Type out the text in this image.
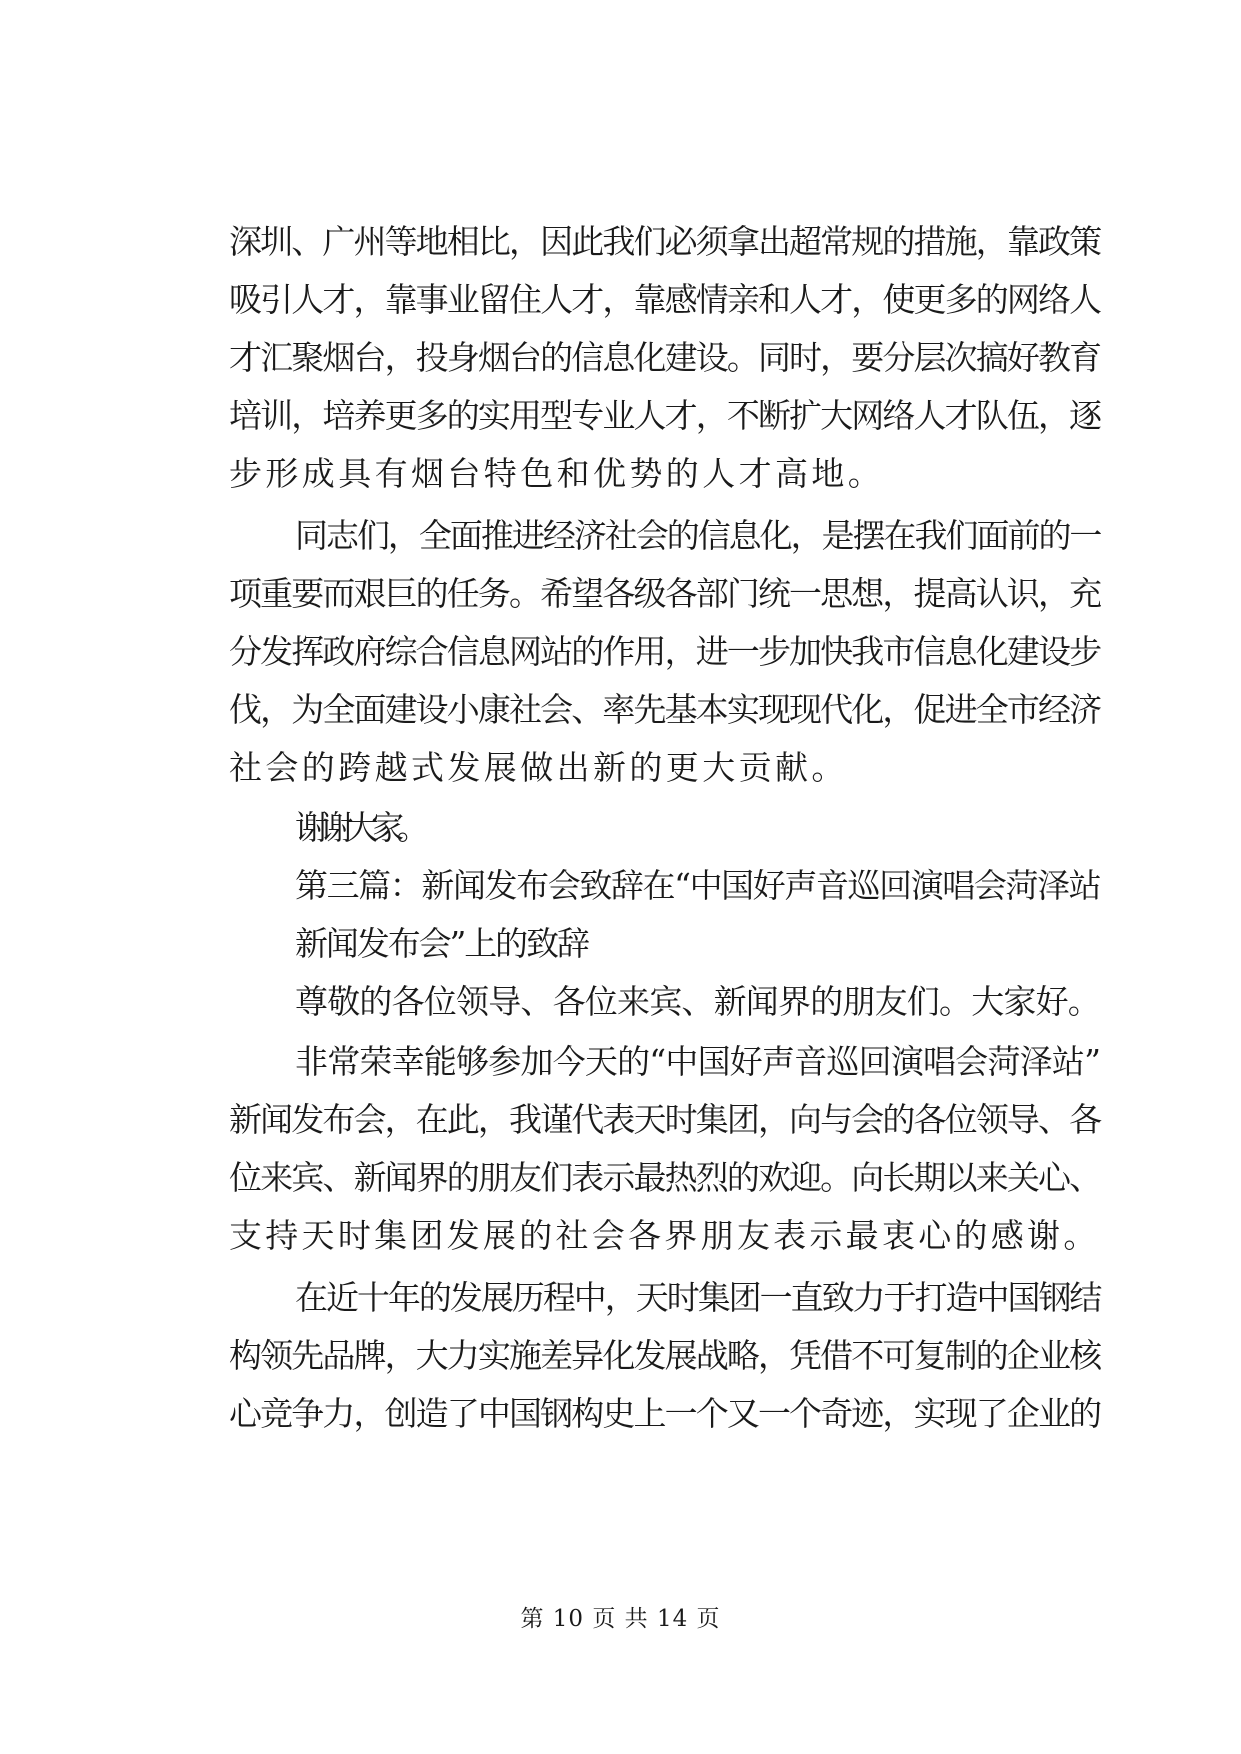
深圳、广州等地相比，因此我们必须拿出超常规的措施，靠政策
吸引人才，靠事业留住人才，靠感情亲和人才，使更多的网络人
才汇聚烟台，投身烟台的信息化建设。同时，要分层次搞好教育
培训，培养更多的实用型专业人才，不断扩大网络人才队伍，逐
步形成具有烟台特色和优势的人才高地。
同志们，全面推进经济社会的信息化，是摆在我们面前的一
项重要而艰巨的任务。希望各级各部门统一思想，提高认识，充
分发挥政府综合信息网站的作用，进一步加快我市信息化建设步
伐，为全面建设小康社会、率先基本实现现代化，促进全市经济
社会的跨越式发展做出新的更大贡献。
谢谢大家。
第三篇：新闻发布会致辞在“中国好声音巡回演唱会菏泽站
新闻发布会”上的致辞
尊敬的各位领导、各位来宾、新闻界的朋友们。大家好。
非常荣幸能够参加今天的“中国好声音巡回演唱会菏泽站”
新闻发布会，在此，我谨代表天时集团，向与会的各位领导、各
位来宾、新闻界的朋友们表示最热烈的欢迎。向长期以来关心、
支持天时集团发展的社会各界朋友表示最衷心的感谢。
在近十年的发展历程中，天时集团一直致力于打造中国钢结
构领先品牌，大力实施差异化发展战略，凭借不可复制的企业核
心竞争力，创造了中国钢构史上一个又一个奇迹，实现了企业的
第 10 页 共 14 页
